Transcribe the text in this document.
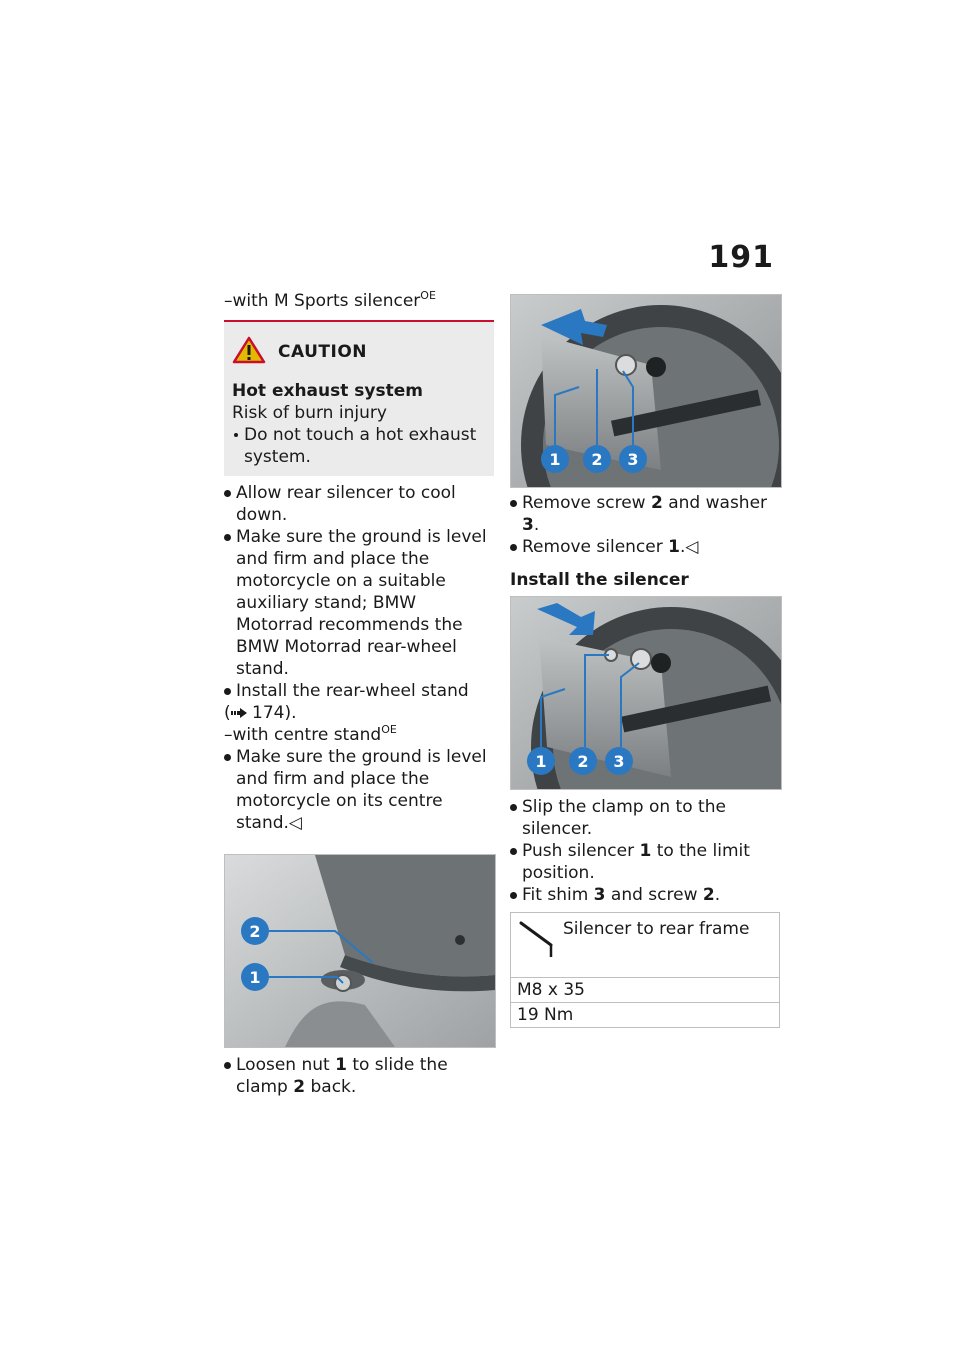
191

–with M Sports silencer$^{OE}$

CAUTION
Hot exhaust system
Risk of burn injury
Do not touch a hot exhaust system.
Allow rear silencer to cool down.
Make sure the ground is level and firm and place the motorcycle on a suitable auxiliary stand; BMW Motorrad recommends the BMW Motorrad rear-wheel stand.
Install the rear-wheel stand
( 174).

–with centre stand$^{OE}$

Make sure the ground is level and firm and place the motorcycle on its centre stand.◁
2
1
Loosen nut 1 to slide the clamp 2 back.
1	2	3
Remove screw 2 and washer 3.
Remove silencer 1.◁
Install the silencer
1	2	3
Slip the clamp on to the silencer.
Push silencer 1 to the limit position.
Fit shim 3 and screw 2.
Silencer to rear frame
M8 x 35
19 Nm
